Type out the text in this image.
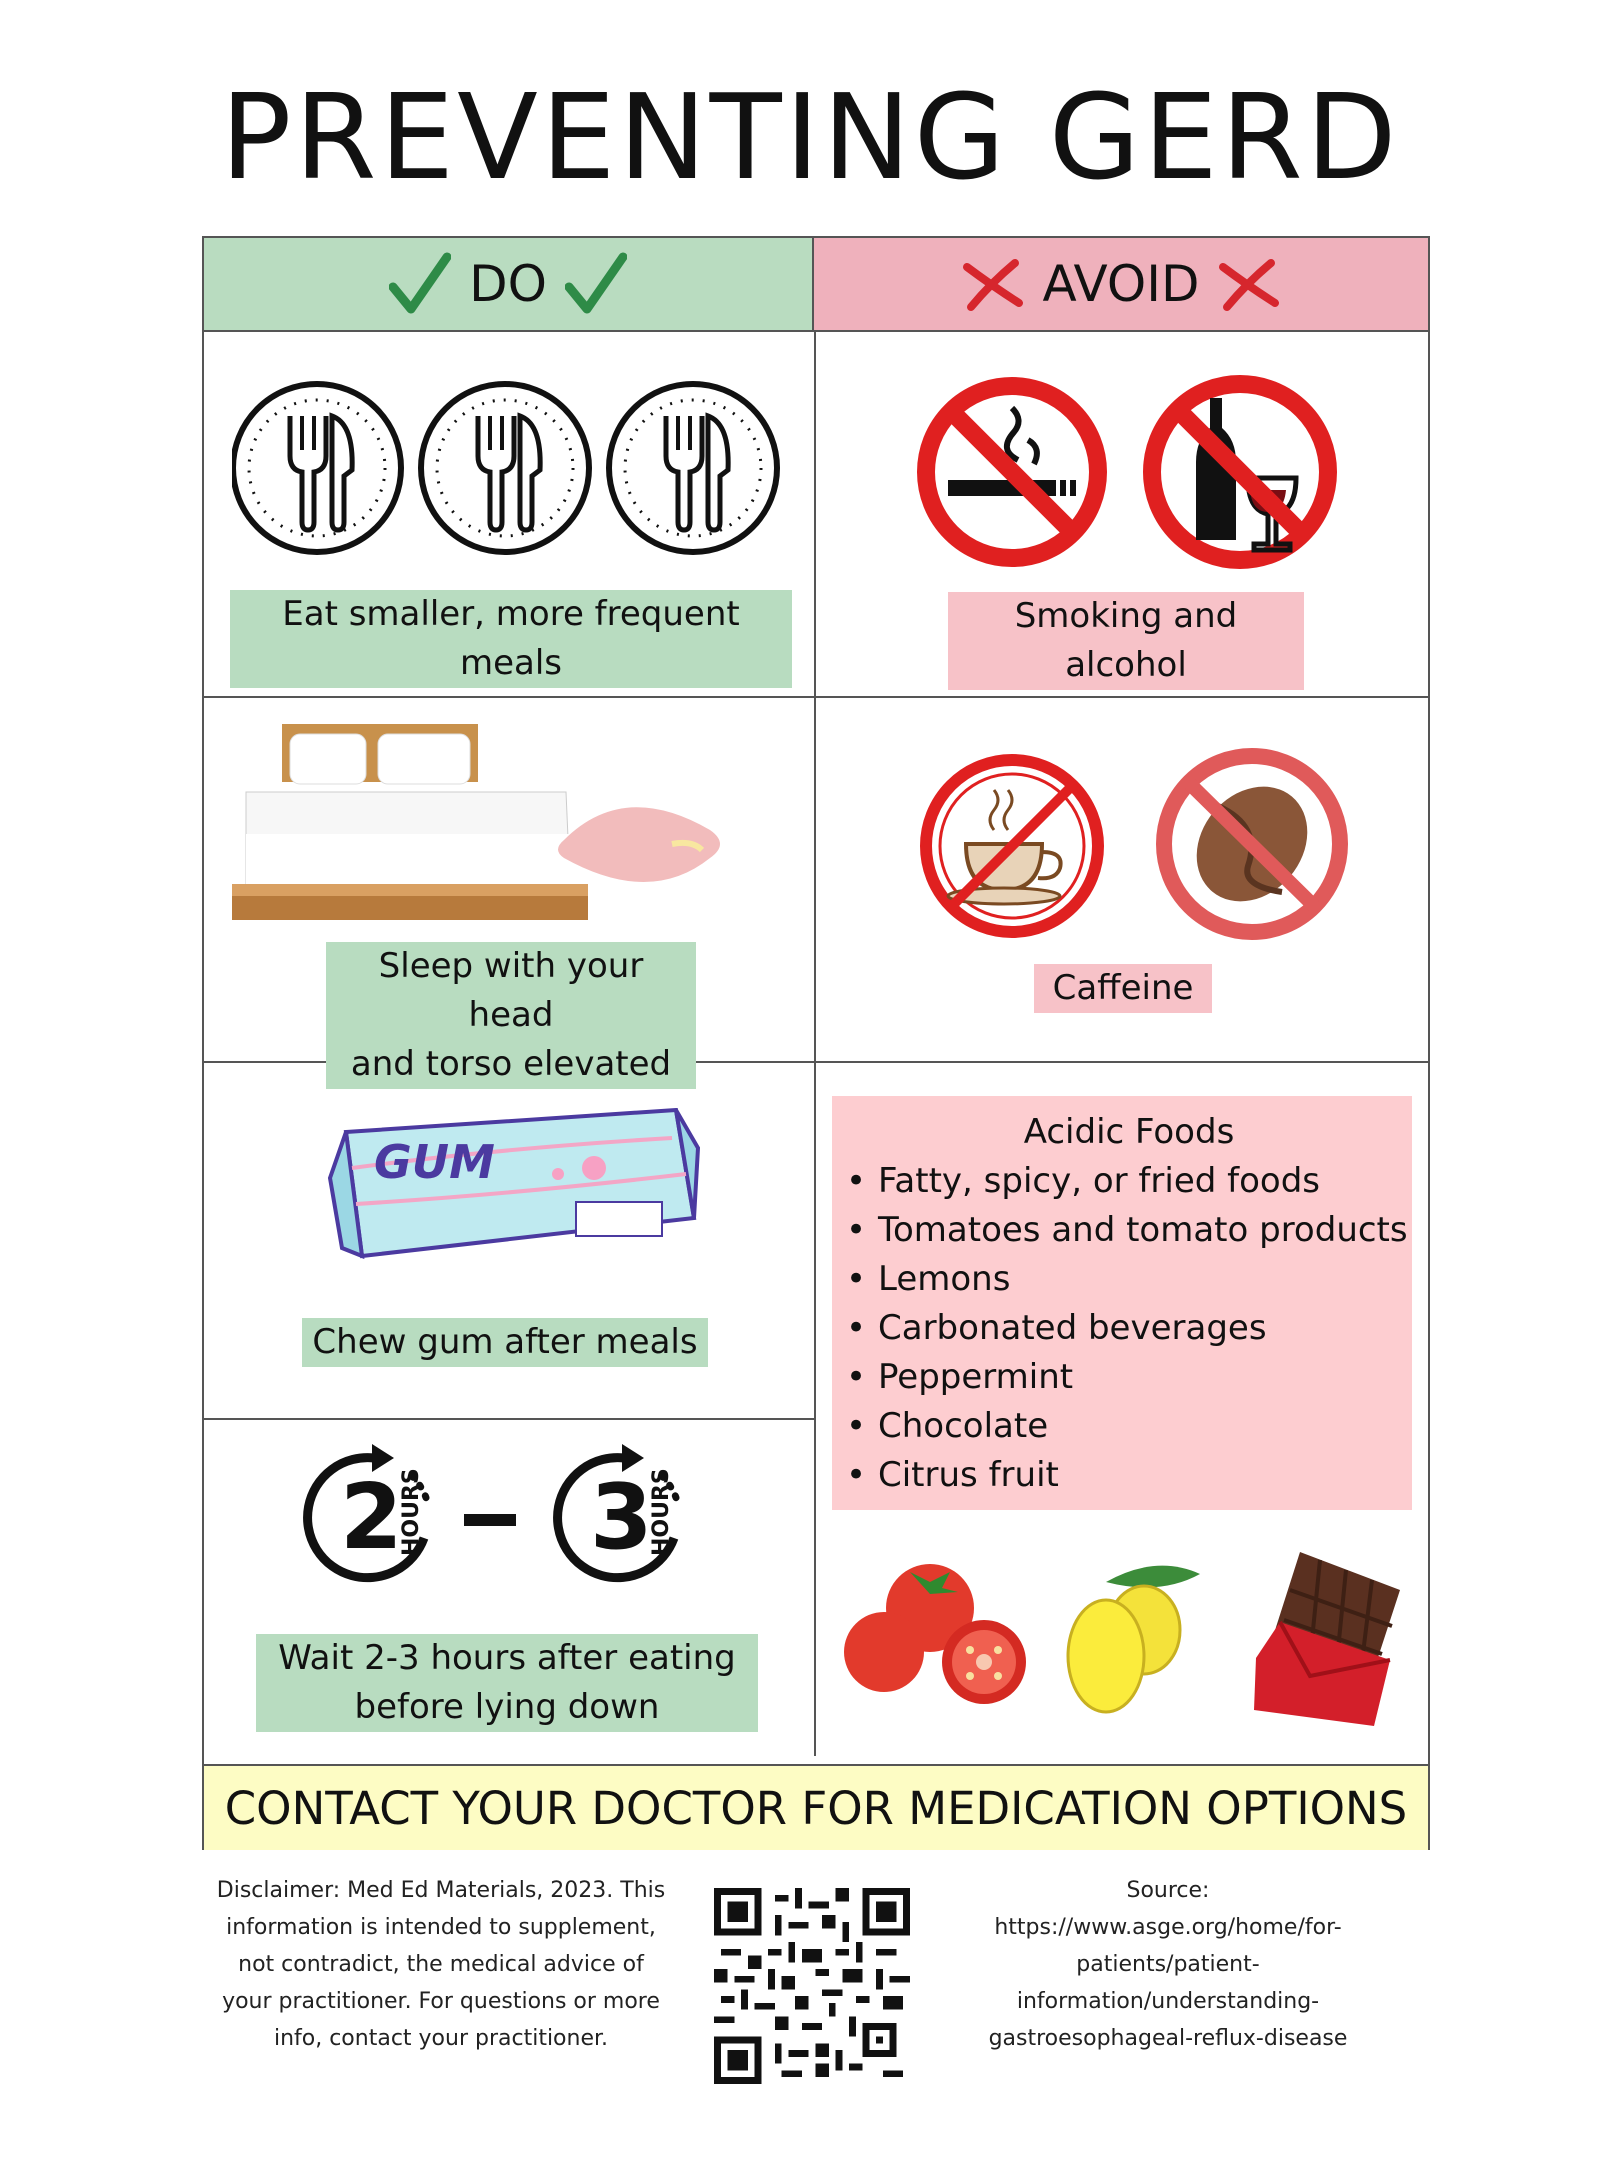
PREVENTING GERD
DO	AVOID
Eat smaller, more frequent meals
Smoking and alcohol
Sleep with your head
and torso elevated
Caffeine
GUM
Chew gum after meals
2
HOURS 3
HOURS
Wait 2-3 hours after eating
before lying down
Acidic Foods
• Fatty, spicy, or fried foods
• Tomatoes and tomato products
• Lemons
• Carbonated beverages
• Peppermint
• Chocolate
• Citrus fruit
CONTACT YOUR DOCTOR FOR MEDICATION OPTIONS
Disclaimer: Med Ed Materials, 2023. This
information is intended to supplement,
not contradict, the medical advice of
your practitioner. For questions or more
info, contact your practitioner.
Source:
https://www.asge.org/home/for-
patients/patient-
information/understanding-
gastroesophageal-reflux-disease
